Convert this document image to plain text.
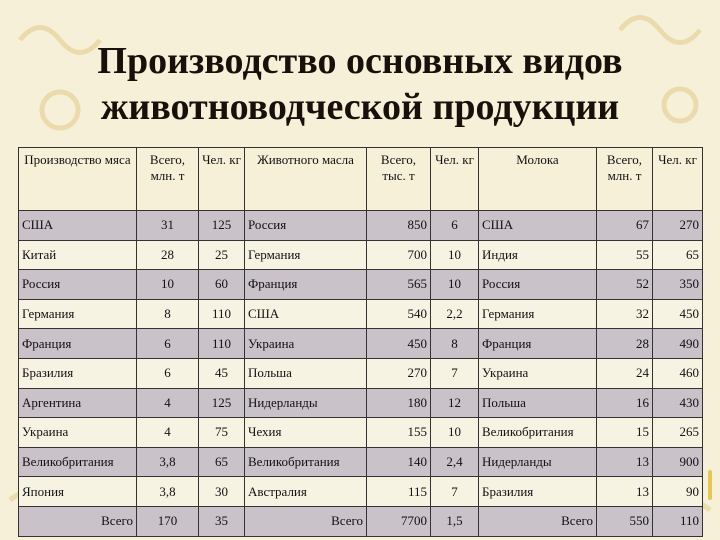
Производство основных видов
животноводческой продукции
Производство мяса	Всего, млн. т	Чел. кг	Животного масла	Всего, тыс. т	Чел. кг	Молока	Всего, млн. т	Чел. кг
США	31	125	Россия	850	6	США	67	270
Китай	28	25	Германия	700	10	Индия	55	65
Россия	10	60	Франция	565	10	Россия	52	350
Германия	8	110	США	540	2,2	Германия	32	450
Франция	6	110	Украина	450	8	Франция	28	490
Бразилия	6	45	Польша	270	7	Украина	24	460
Аргентина	4	125	Нидерланды	180	12	Польша	16	430
Украина	4	75	Чехия	155	10	Великобритания	15	265
Великобритания	3,8	65	Великобритания	140	2,4	Нидерланды	13	900
Япония	3,8	30	Австралия	115	7	Бразилия	13	90
Всего	170	35	Всего	7700	1,5	Всего	550	110
